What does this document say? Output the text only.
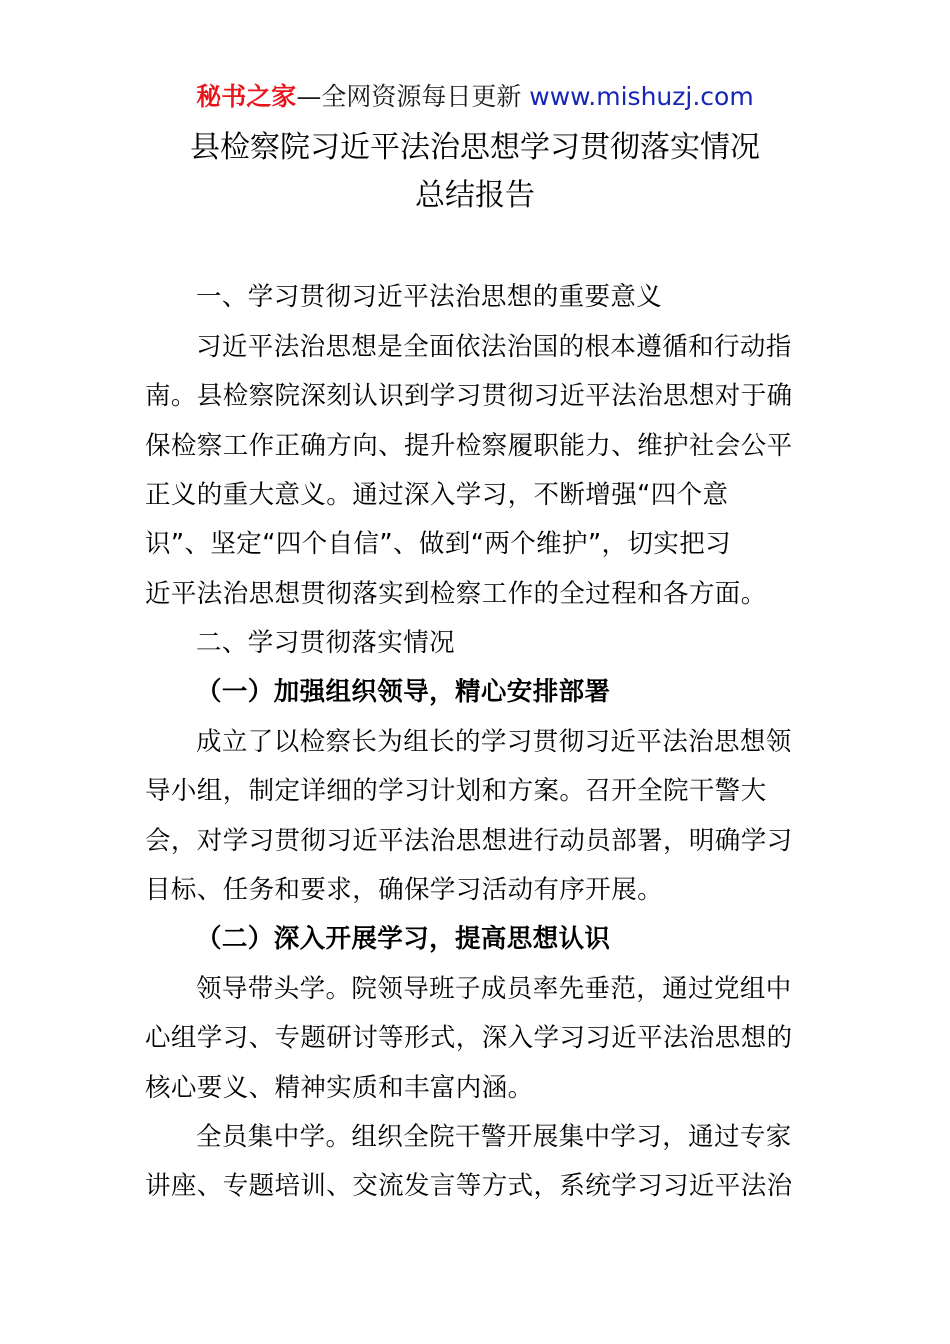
秘书之家—全网资源每日更新 www.mishuzj.com
县检察院习近平法治思想学习贯彻落实情况
总结报告
一、学习贯彻习近平法治思想的重要意义
习近平法治思想是全面依法治国的根本遵循和行动指
南。县检察院深刻认识到学习贯彻习近平法治思想对于确
保检察工作正确方向、提升检察履职能力、维护社会公平
正义的重大意义。通过深入学习，不断增强“四个意
识”、坚定“四个自信”、做到“两个维护”，切实把习
近平法治思想贯彻落实到检察工作的全过程和各方面。
二、学习贯彻落实情况
（一）加强组织领导，精心安排部署
成立了以检察长为组长的学习贯彻习近平法治思想领
导小组，制定详细的学习计划和方案。召开全院干警大
会，对学习贯彻习近平法治思想进行动员部署，明确学习
目标、任务和要求，确保学习活动有序开展。
（二）深入开展学习，提高思想认识
领导带头学。院领导班子成员率先垂范，通过党组中
心组学习、专题研讨等形式，深入学习习近平法治思想的
核心要义、精神实质和丰富内涵。
全员集中学。组织全院干警开展集中学习，通过专家
讲座、专题培训、交流发言等方式，系统学习习近平法治
